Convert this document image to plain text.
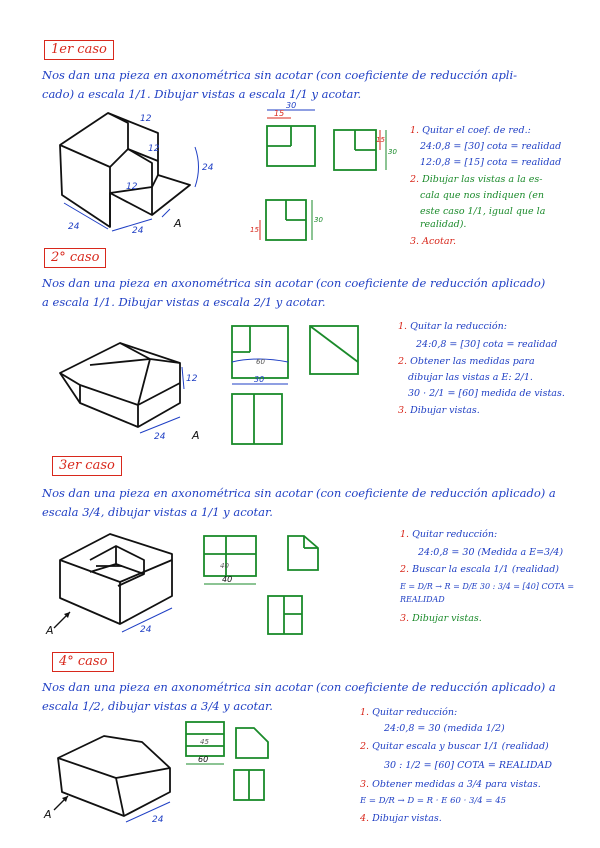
1er caso
Nos dan una pieza en axonométrica sin acotar (con coeficiente de reducción apli-
cado) a escala 1/1. Dibujar vistas a escala 1/1 y acotar.
12
12
24
12
24	24
A
15
30
15
30
15
30
1. Quitar el coef. de red.:
24:0,8 = [30] cota = realidad
12:0,8 = [15] cota = realidad
2. Dibujar las vistas a la es-
cala que nos indiquen (en
este caso 1/1, igual que la realidad).
3. Acotar.
2° caso
Nos dan una pieza en axonométrica sin acotar (con coeficiente de reducción aplicado)
a escala 1/1. Dibujar vistas a escala 2/1 y acotar.
12
24 A
60
30
1. Quitar la reducción:
24:0,8 = [30] cota = realidad
2. Obtener las medidas para
dibujar las vistas a E: 2/1.
30 · 2/1 = [60] medida de vistas.
3. Dibujar vistas.
3er caso
Nos dan una pieza en axonométrica sin acotar (con coeficiente de reducción aplicado) a
escala 3/4, dibujar vistas a 1/1 y acotar.
24
A
40
40
1. Quitar reducción:
24:0,8 = 30 (Medida a E=3/4)
2. Buscar la escala 1/1 (realidad)
E = D/R → R = D/E 30 : 3/4 = [40] COTA = REALIDAD
3. Dibujar vistas.
4° caso
Nos dan una pieza en axonométrica sin acotar (con coeficiente de reducción aplicado) a
escala 1/2, dibujar vistas a 3/4 y acotar.
24
A
45
60
1. Quitar reducción:
24:0,8 = 30 (medida 1/2)
2. Quitar escala y buscar 1/1 (realidad)
30 : 1/2 = [60] COTA = REALIDAD
3. Obtener medidas a 3/4 para vistas.
E = D/R → D = R · E 60 · 3/4 = 45
4. Dibujar vistas.
